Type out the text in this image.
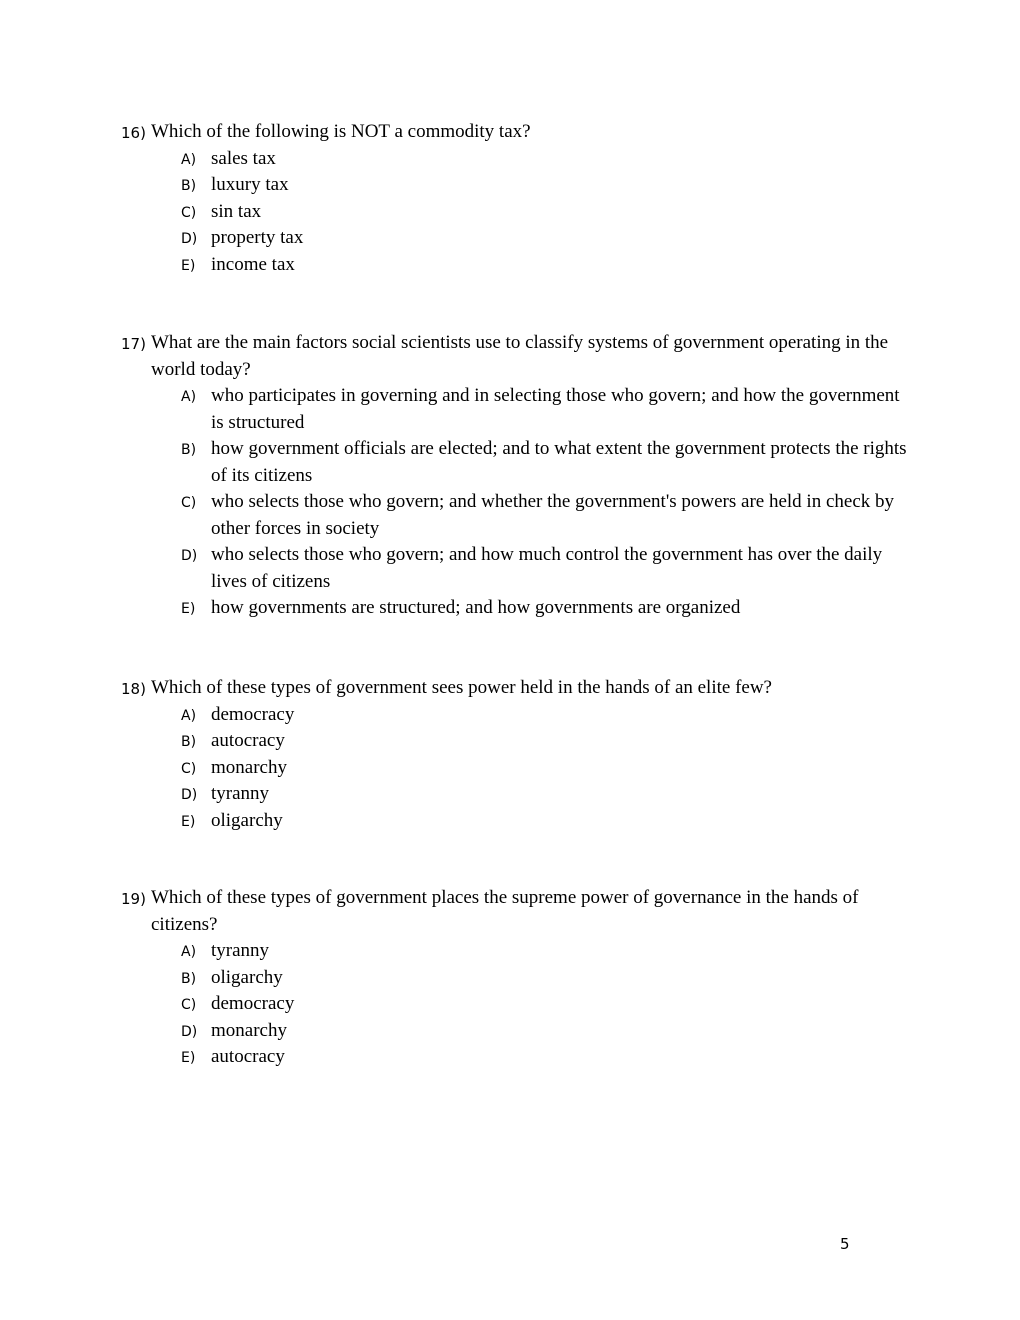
16) Which of the following is NOT a commodity tax?
A) sales tax
B) luxury tax
C) sin tax
D) property tax
E) income tax
17) What are the main factors social scientists use to classify systems of government operating in the world today?
A) who participates in governing and in selecting those who govern; and how the government is structured
B) how government officials are elected; and to what extent the government protects the rights of its citizens
C) who selects those who govern; and whether the government's powers are held in check by other forces in society
D) who selects those who govern; and how much control the government has over the daily lives of citizens
E) how governments are structured; and how governments are organized
18) Which of these types of government sees power held in the hands of an elite few?
A) democracy
B) autocracy
C) monarchy
D) tyranny
E) oligarchy
19) Which of these types of government places the supreme power of governance in the hands of citizens?
A) tyranny
B) oligarchy
C) democracy
D) monarchy
E) autocracy
5
